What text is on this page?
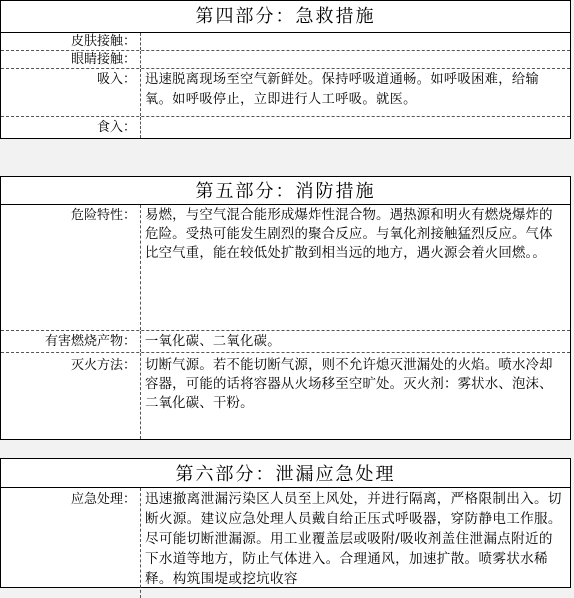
第四部分：急救措施
皮肤接触：
眼睛接触：
吸入： 迅速脱离现场至空气新鲜处。保持呼吸道通畅。如呼吸困难，给输氧。如呼吸停止，立即进行人工呼吸。就医。
食入：
第五部分：消防措施
危险特性： 易燃，与空气混合能形成爆炸性混合物。遇热源和明火有燃烧爆炸的危险。受热可能发生剧烈的聚合反应。与氧化剂接触猛烈反应。气体比空气重，能在较低处扩散到相当远的地方，遇火源会着火回燃。。
有害燃烧产物： 一氧化碳、二氧化碳。
灭火方法： 切断气源。若不能切断气源，则不允许熄灭泄漏处的火焰。喷水冷却容器，可能的话将容器从火场移至空旷处。灭火剂：雾状水、泡沫、二氧化碳、干粉。
第六部分：泄漏应急处理
应急处理： 迅速撤离泄漏污染区人员至上风处，并进行隔离，严格限制出入。切断火源。建议应急处理人员戴自给正压式呼吸器，穿防静电工作服。尽可能切断泄漏源。用工业覆盖层或吸附/吸收剂盖住泄漏点附近的下水道等地方，防止气体进入。合理通风，加速扩散。喷雾状水稀释。构筑围堤或挖坑收容
